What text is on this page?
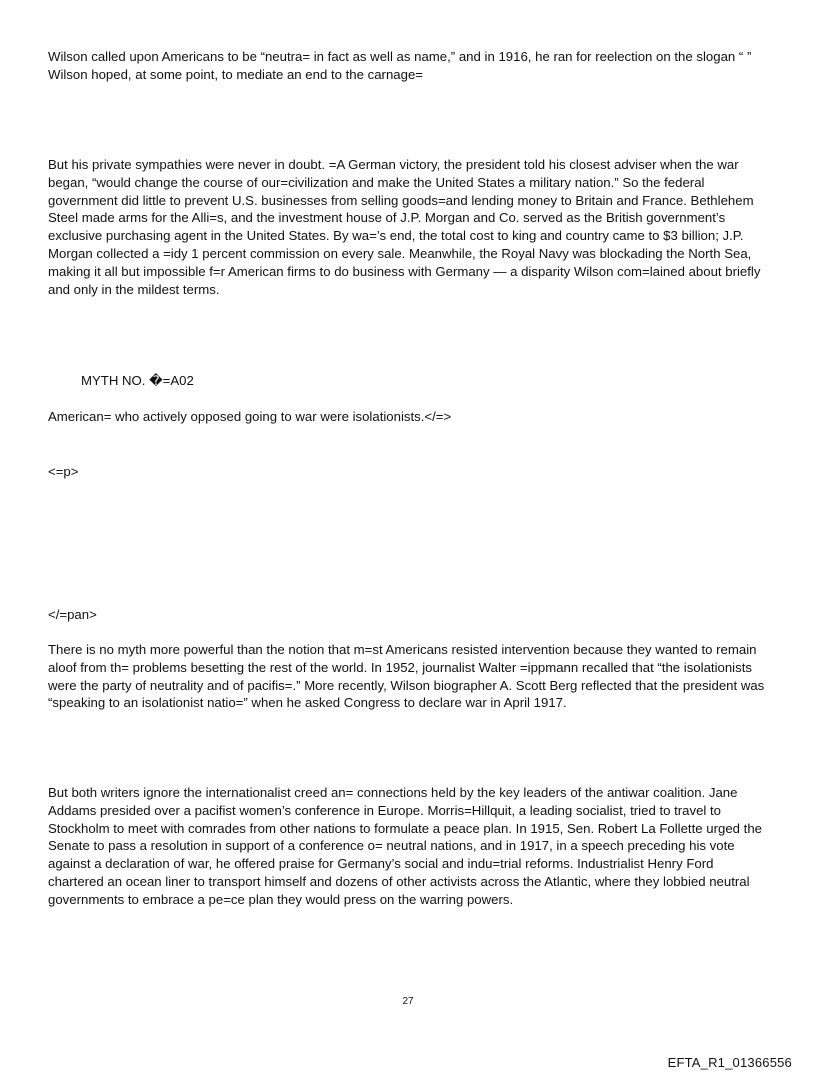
Wilson called upon Americans to be “neutra= in fact as well as name,” and in 1916, he ran for reelection on the slogan “ ” Wilson hoped, at some point, to mediate an end to the carnage=

But his private sympathies were never in doubt. =A German victory, the president told his closest adviser when the war began, “would change the course of our=civilization and make the United States a military nation.” So the federal government did little to prevent U.S. businesses from selling goods=and lending money to Britain and France. Bethlehem Steel made arms for the Alli=s, and the investment house of J.P. Morgan and Co. served as the British government’s exclusive purchasing agent in the United States. By wa=’s end, the total cost to king and country came to $3 billion; J.P. Morgan collected a =idy 1 percent commission on every sale. Meanwhile, the Royal Navy was blockading the North Sea, making it all but impossible f=r American firms to do business with Germany — a disparity Wilson com=lained about briefly and only in the mildest terms.

MYTH NO. �=A02

American= who actively opposed going to war were isolationists.</=>

<=p>

</=pan>

There is no myth more powerful than the notion that m=st Americans resisted intervention because they wanted to remain aloof from th= problems besetting the rest of the world. In 1952, journalist Walter =ippmann recalled that “the isolationists were the party of neutrality and of pacifis=.” More recently, Wilson biographer A. Scott Berg reflected that the president was “speaking to an isolationist natio=” when he asked Congress to declare war in April 1917.

But both writers ignore the internationalist creed an= connections held by the key leaders of the antiwar coalition. Jane Addams presided over a pacifist women’s conference in Europe. Morris=Hillquit, a leading socialist, tried to travel to Stockholm to meet with comrades from other nations to formulate a peace plan. In 1915, Sen. Robert La Follette urged the Senate to pass a resolution in support of a conference o= neutral nations, and in 1917, in a speech preceding his vote against a declaration of war, he offered praise for Germany’s social and indu=trial reforms. Industrialist Henry Ford chartered an ocean liner to transport himself and dozens of other activists across the Atlantic, where they lobbied neutral governments to embrace a pe=ce plan they would press on the warring powers.

27
EFTA_R1_01366556
